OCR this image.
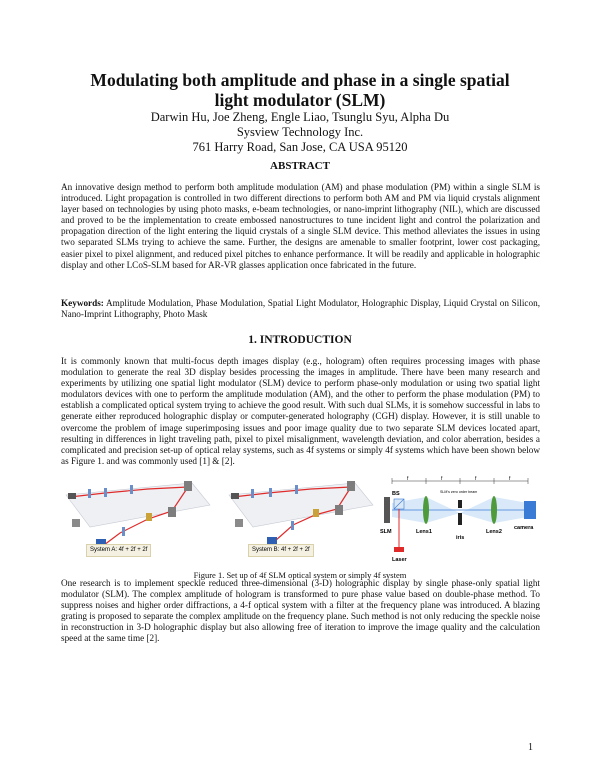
Modulating both amplitude and phase in a single spatial light modulator (SLM)
Darwin Hu, Joe Zheng, Engle Liao, Tsunglu Syu, Alpha Du
Sysview Technology Inc.
761 Harry Road, San Jose, CA USA 95120
ABSTRACT
An innovative design method to perform both amplitude modulation (AM) and phase modulation (PM) within a single SLM is introduced. Light propagation is controlled in two different directions to perform both AM and PM via liquid crystals alignment layer based on technologies by using photo masks, e-beam technologies, or nano-imprint lithography (NIL), which are discussed and proved to be the implementation to create embossed nanostructures to tune incident light and control the polarization and propagation direction of the light entering the liquid crystals of a single SLM device. This method alleviates the issues in using two separated SLMs trying to achieve the same. Further, the designs are amenable to smaller footprint, lower cost packaging, easier pixel to pixel alignment, and reduced pixel pitches to enhance performance. It will be readily and applicable in holographic display and other LCoS-SLM based for AR-VR glasses application once fabricated in the future.
Keywords: Amplitude Modulation, Phase Modulation, Spatial Light Modulator, Holographic Display, Liquid Crystal on Silicon, Nano-Imprint Lithography, Photo Mask
1. INTRODUCTION
It is commonly known that multi-focus depth images display (e.g., hologram) often requires processing images with phase modulation to generate the real 3D display besides processing the images in amplitude. There have been many research and experiments by utilizing one spatial light modulator (SLM) device to perform phase-only modulation or using two spatial light modulators devices with one to perform the amplitude modulation (AM), and the other to perform the phase modulation (PM) to establish a complicated optical system trying to achieve the good result. With such dual SLMs, it is somehow successful in labs to generate either reproduced holographic display or computer-generated holography (CGH) display. However, it is still unable to overcome the problem of image superimposing issues and poor image quality due to two separate SLM devices located apart, resulting in differences in light traveling path, pixel to pixel misalignment, wavelength deviation, and color aberration, besides a complicated and precision set-up of optical relay systems, such as 4f systems or simply 4f systems which have been shown below as Figure 1. and was commonly used [1] & [2].
System A: 4f + 2f + 2f	System B: 4f + 2f + 2f
f	f	f	f
SLM
BS
Laser
Lens1
iris
SLM's zero order beam
Lens2
camera
Figure 1. Set up of 4f SLM optical system or simply 4f system
One research is to implement speckle reduced three-dimensional (3-D) holographic display by single phase-only spatial light modulator (SLM). The complex amplitude of hologram is transformed to pure phase value based on double-phase method. To suppress noises and higher order diffractions, a 4-f optical system with a filter at the frequency plane was introduced. A blazing grating is proposed to separate the complex amplitude on the frequency plane. Such method is not only reducing the speckle noise in reconstruction in 3-D holographic display but also allowing free of iteration to improve the image quality and the calculation speed at the same time [2].
1
